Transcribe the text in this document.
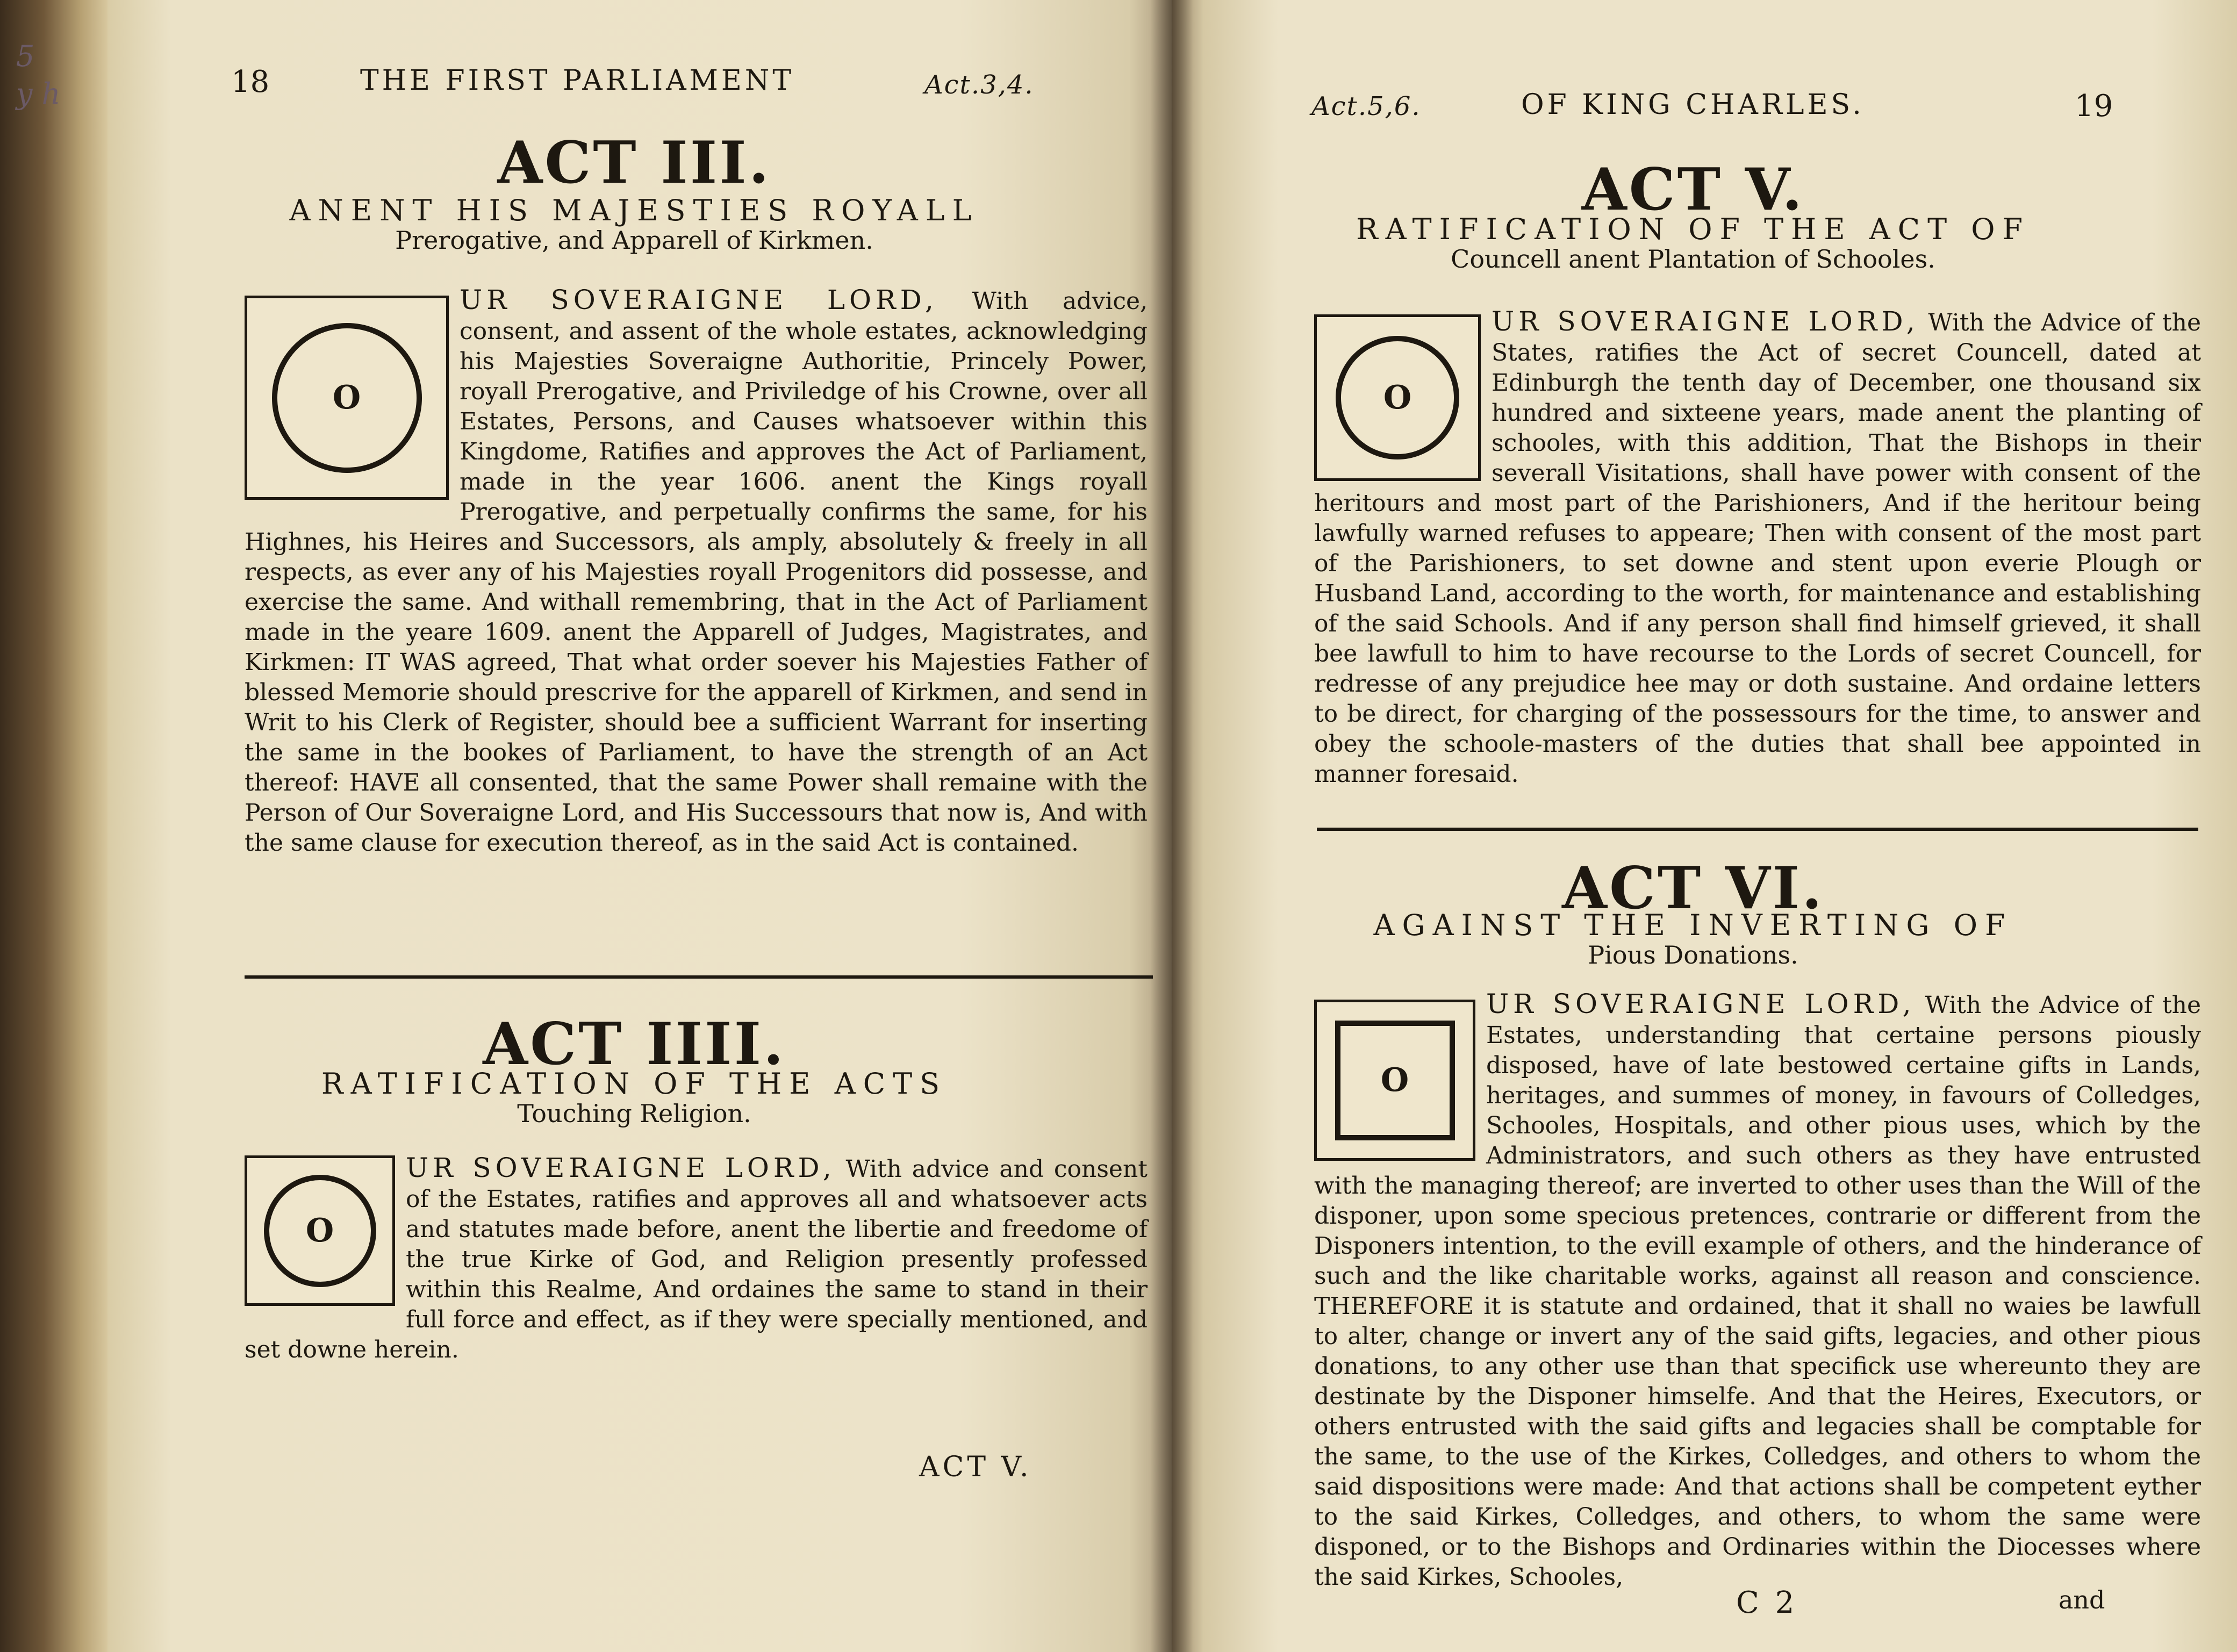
5
y h	18	THE FIRST PARLIAMENT	Act.3,4.
ACT III.
ANENT HIS MAJESTIES ROYALL
Prerogative, and Apparell of Kirkmen.
O

UR SOVERAIGNE LORD, With advice, consent, and assent of the whole estates, acknowledging his Majesties Soveraigne Authoritie, Princely Power, royall Prerogative, and Priviledge of his Crowne, over all Estates, Persons, and Causes whatsoever within this Kingdome, Ratifies and approves the Act of Parliament, made in the year 1606. anent the Kings royall Prerogative, and perpetually confirms the same, for his Highnes, his Heires and Successors, als amply, absolutely & freely in all respects, as ever any of his Majesties royall Progenitors did possesse, and exercise the same. And withall remembring, that in the Act of Parliament made in the yeare 1609. anent the Apparell of Judges, Magistrates, and Kirkmen: IT WAS agreed, That what order soever his Majesties Father of blessed Memorie should prescrive for the apparell of Kirkmen, and send in Writ to his Clerk of Register, should bee a sufficient Warrant for inserting the same in the bookes of Parliament, to have the strength of an Act thereof: HAVE all consented, that the same Power shall remaine with the Person of Our Soveraigne Lord, and His Successours that now is, And with the same clause for execution thereof, as in the said Act is contained.

ACT IIII.
RATIFICATION OF THE ACTS
Touching Religion.
O

UR SOVERAIGNE LORD, With advice and consent of the Estates, ratifies and approves all and whatsoever acts and statutes made before, anent the libertie and freedome of the true Kirke of God, and Religion presently professed within this Realme, And ordaines the same to stand in their full force and effect, as if they were specially mentioned, and set downe herein.

ACT V.
Act.5,6.	OF KING CHARLES.	19
ACT V.
RATIFICATION OF THE ACT OF
Councell anent Plantation of Schooles.
O

UR SOVERAIGNE LORD, With the Advice of the States, ratifies the Act of secret Councell, dated at Edinburgh the tenth day of December, one thousand six hundred and sixteene years, made anent the planting of schooles, with this addition, That the Bishops in their severall Visitations, shall have power with consent of the heritours and most part of the Parishioners, And if the heritour being lawfully warned refuses to appeare; Then with consent of the most part of the Parishioners, to set downe and stent upon everie Plough or Husband Land, according to the worth, for maintenance and establishing of the said Schools. And if any person shall find himself grieved, it shall bee lawfull to him to have recourse to the Lords of secret Councell, for redresse of any prejudice hee may or doth sustaine. And ordaine letters to be direct, for charging of the possessours for the time, to answer and obey the schoole-masters of the duties that shall bee appointed in manner foresaid.

ACT VI.
AGAINST THE INVERTING OF
Pious Donations.
O

UR SOVERAIGNE LORD, With the Advice of the Estates, understanding that certaine persons piously disposed, have of late bestowed certaine gifts in Lands, heritages, and summes of money, in favours of Colledges, Schooles, Hospitals, and other pious uses, which by the Administrators, and such others as they have entrusted with the managing thereof; are inverted to other uses than the Will of the disponer, upon some specious pretences, contrarie or different from the Disponers intention, to the evill example of others, and the hinderance of such and the like charitable works, against all reason and conscience. THEREFORE it is statute and ordained, that it shall no waies be lawfull to alter, change or invert any of the said gifts, legacies, and other pious donations, to any other use than that specifick use whereunto they are destinate by the Disponer himselfe. And that the Heires, Executors, or others entrusted with the said gifts and legacies shall be comptable for the same, to the use of the Kirkes, Colledges, and others to whom the said dispositions were made: And that actions shall be competent eyther to the said Kirkes, Colledges, and others, to whom the same were disponed, or to the Bishops and Ordinaries within the Diocesses where the said Kirkes, Schooles,

C 2	and
